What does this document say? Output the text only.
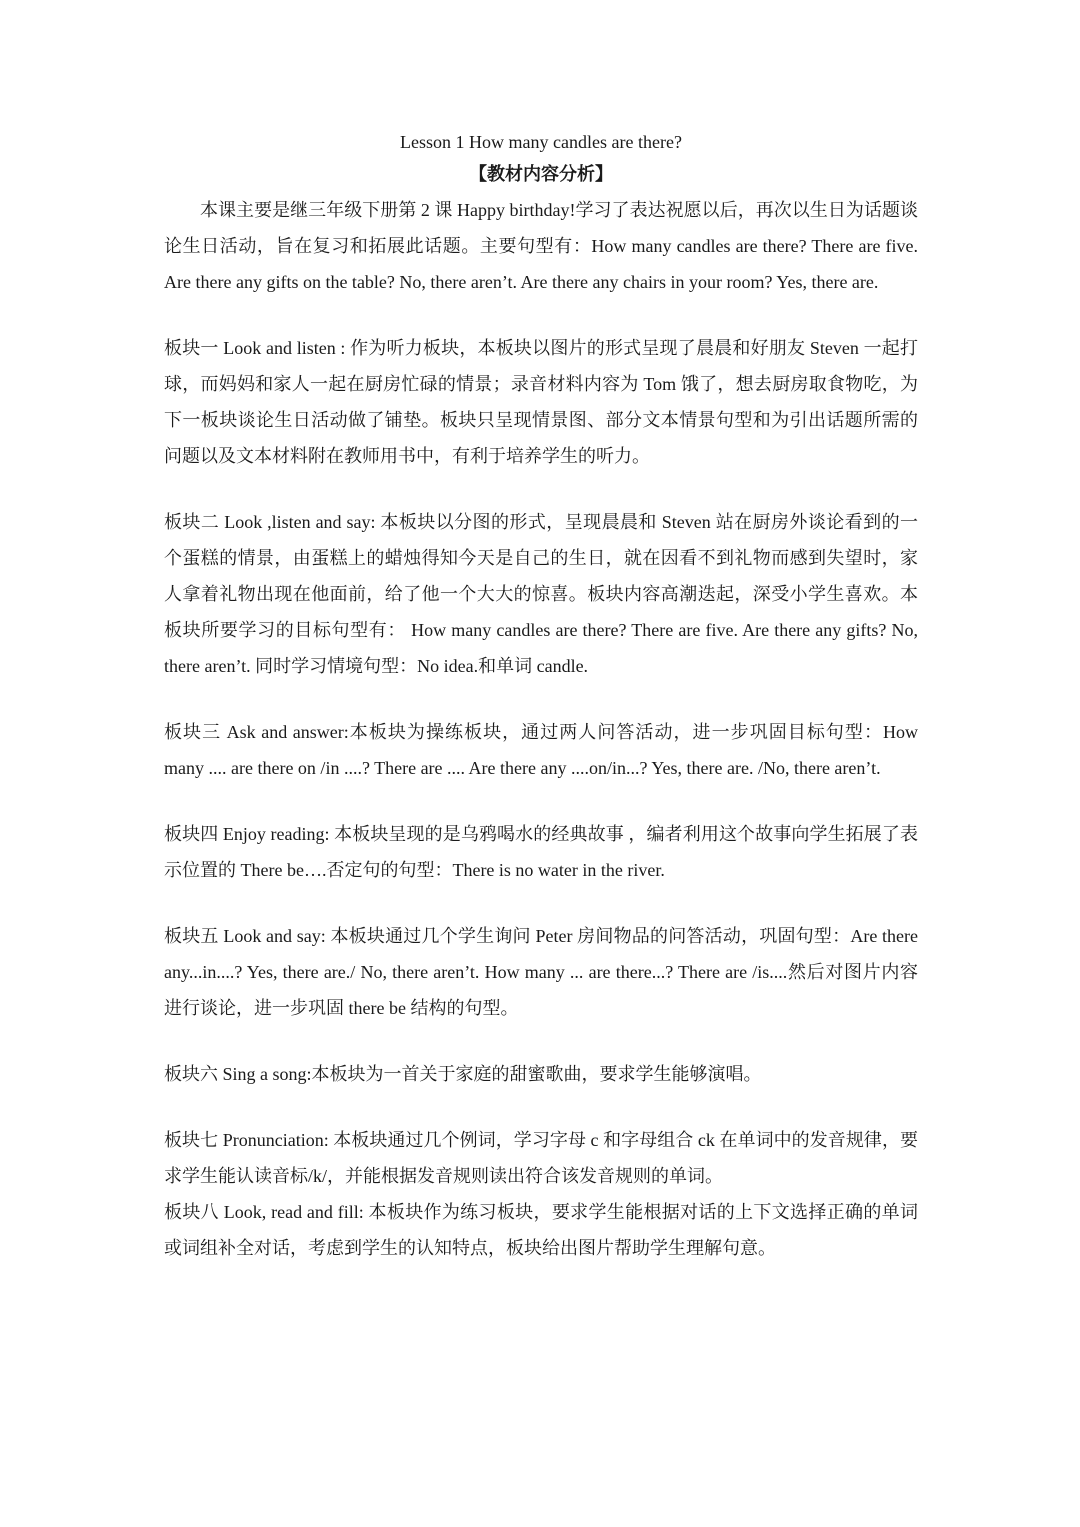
Lesson 1 How many candles are there?

【教材内容分析】

本课主要是继三年级下册第 2 课 Happy birthday!学习了表达祝愿以后，再次以生日为话题谈论生日活动，旨在复习和拓展此话题。主要句型有：How many candles are there? There are five. Are there any gifts on the table? No, there aren’t. Are there any chairs in your room? Yes, there are.

板块一 Look and listen : 作为听力板块，本板块以图片的形式呈现了晨晨和好朋友 Steven 一起打球，而妈妈和家人一起在厨房忙碌的情景；录音材料内容为 Tom 饿了，想去厨房取食物吃，为下一板块谈论生日活动做了铺垫。板块只呈现情景图、部分文本情景句型和为引出话题所需的问题以及文本材料附在教师用书中，有利于培养学生的听力。

板块二 Look ,listen and say: 本板块以分图的形式，呈现晨晨和 Steven 站在厨房外谈论看到的一个蛋糕的情景，由蛋糕上的蜡烛得知今天是自己的生日，就在因看不到礼物而感到失望时，家人拿着礼物出现在他面前，给了他一个大大的惊喜。板块内容高潮迭起，深受小学生喜欢。本板块所要学习的目标句型有： How many candles are there? There are five. Are there any gifts? No, there aren’t. 同时学习情境句型：No idea.和单词 candle.

板块三 Ask and answer:本板块为操练板块，通过两人问答活动，进一步巩固目标句型：How many .... are there on /in ....? There are .... Are there any ....on/in...? Yes, there are. /No, there aren’t.

板块四 Enjoy reading: 本板块呈现的是乌鸦喝水的经典故事 ，编者利用这个故事向学生拓展了表示位置的 There be….否定句的句型：There is no water in the river.

板块五 Look and say: 本板块通过几个学生询问 Peter 房间物品的问答活动，巩固句型：Are there any...in....? Yes, there are./ No, there aren’t. How many ... are there...? There are /is....然后对图片内容进行谈论，进一步巩固 there be 结构的句型。

板块六 Sing a song:本板块为一首关于家庭的甜蜜歌曲，要求学生能够演唱。

板块七 Pronunciation: 本板块通过几个例词，学习字母 c 和字母组合 ck 在单词中的发音规律，要求学生能认读音标/k/，并能根据发音规则读出符合该发音规则的单词。

板块八 Look, read and fill: 本板块作为练习板块，要求学生能根据对话的上下文选择正确的单词或词组补全对话，考虑到学生的认知特点，板块给出图片帮助学生理解句意。
